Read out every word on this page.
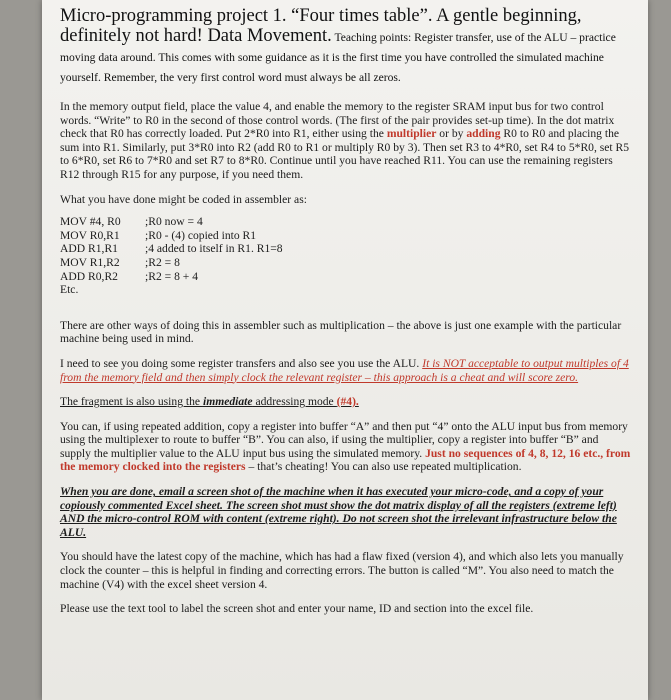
Micro-programming project 1. “Four times table”. A gentle beginning, definitely not hard! Data Movement. Teaching points: Register transfer, use of the ALU – practice moving data around. This comes with some guidance as it is the first time you have controlled the simulated machine yourself. Remember, the very first control word must always be all zeros.

In the memory output field, place the value 4, and enable the memory to the register SRAM input bus for two control words. “Write” to R0 in the second of those control words. (The first of the pair provides set-up time). In the dot matrix check that R0 has correctly loaded. Put 2*R0 into R1, either using the multiplier or by adding R0 to R0 and placing the sum into R1. Similarly, put 3*R0 into R2 (add R0 to R1 or multiply R0 by 3). Then set R3 to 4*R0, set R4 to 5*R0, set R5 to 6*R0, set R6 to 7*R0 and set R7 to 8*R0. Continue until you have reached R11. You can use the remaining registers R12 through R15 for any purpose, if you need them.

What you have done might be coded in assembler as:

MOV #4, R0	;R0 now = 4
MOV R0,R1	;R0 - (4) copied into R1
ADD R1,R1	;4 added to itself in R1. R1=8
MOV R1,R2	;R2 = 8
ADD R0,R2	;R2 = 8 + 4
Etc.

There are other ways of doing this in assembler such as multiplication – the above is just one example with the particular machine being used in mind.

I need to see you doing some register transfers and also see you use the ALU. It is NOT acceptable to output multiples of 4 from the memory field and then simply clock the relevant register – this approach is a cheat and will score zero.

The fragment is also using the immediate addressing mode (#4).

You can, if using repeated addition, copy a register into buffer “A” and then put “4” onto the ALU input bus from memory using the multiplexer to route to buffer “B”. You can also, if using the multiplier, copy a register into buffer “B” and supply the multiplier value to the ALU input bus using the simulated memory. Just no sequences of 4, 8, 12, 16 etc., from the memory clocked into the registers – that’s cheating! You can also use repeated multiplication.

When you are done, email a screen shot of the machine when it has executed your micro-code, and a copy of your copiously commented Excel sheet. The screen shot must show the dot matrix display of all the registers (extreme left) AND the micro-control ROM with content (extreme right). Do not screen shot the irrelevant infrastructure below the ALU.

You should have the latest copy of the machine, which has had a flaw fixed (version 4), and which also lets you manually clock the counter – this is helpful in finding and correcting errors. The button is called “M”. You also need to match the machine (V4) with the excel sheet version 4.

Please use the text tool to label the screen shot and enter your name, ID and section into the excel file.
